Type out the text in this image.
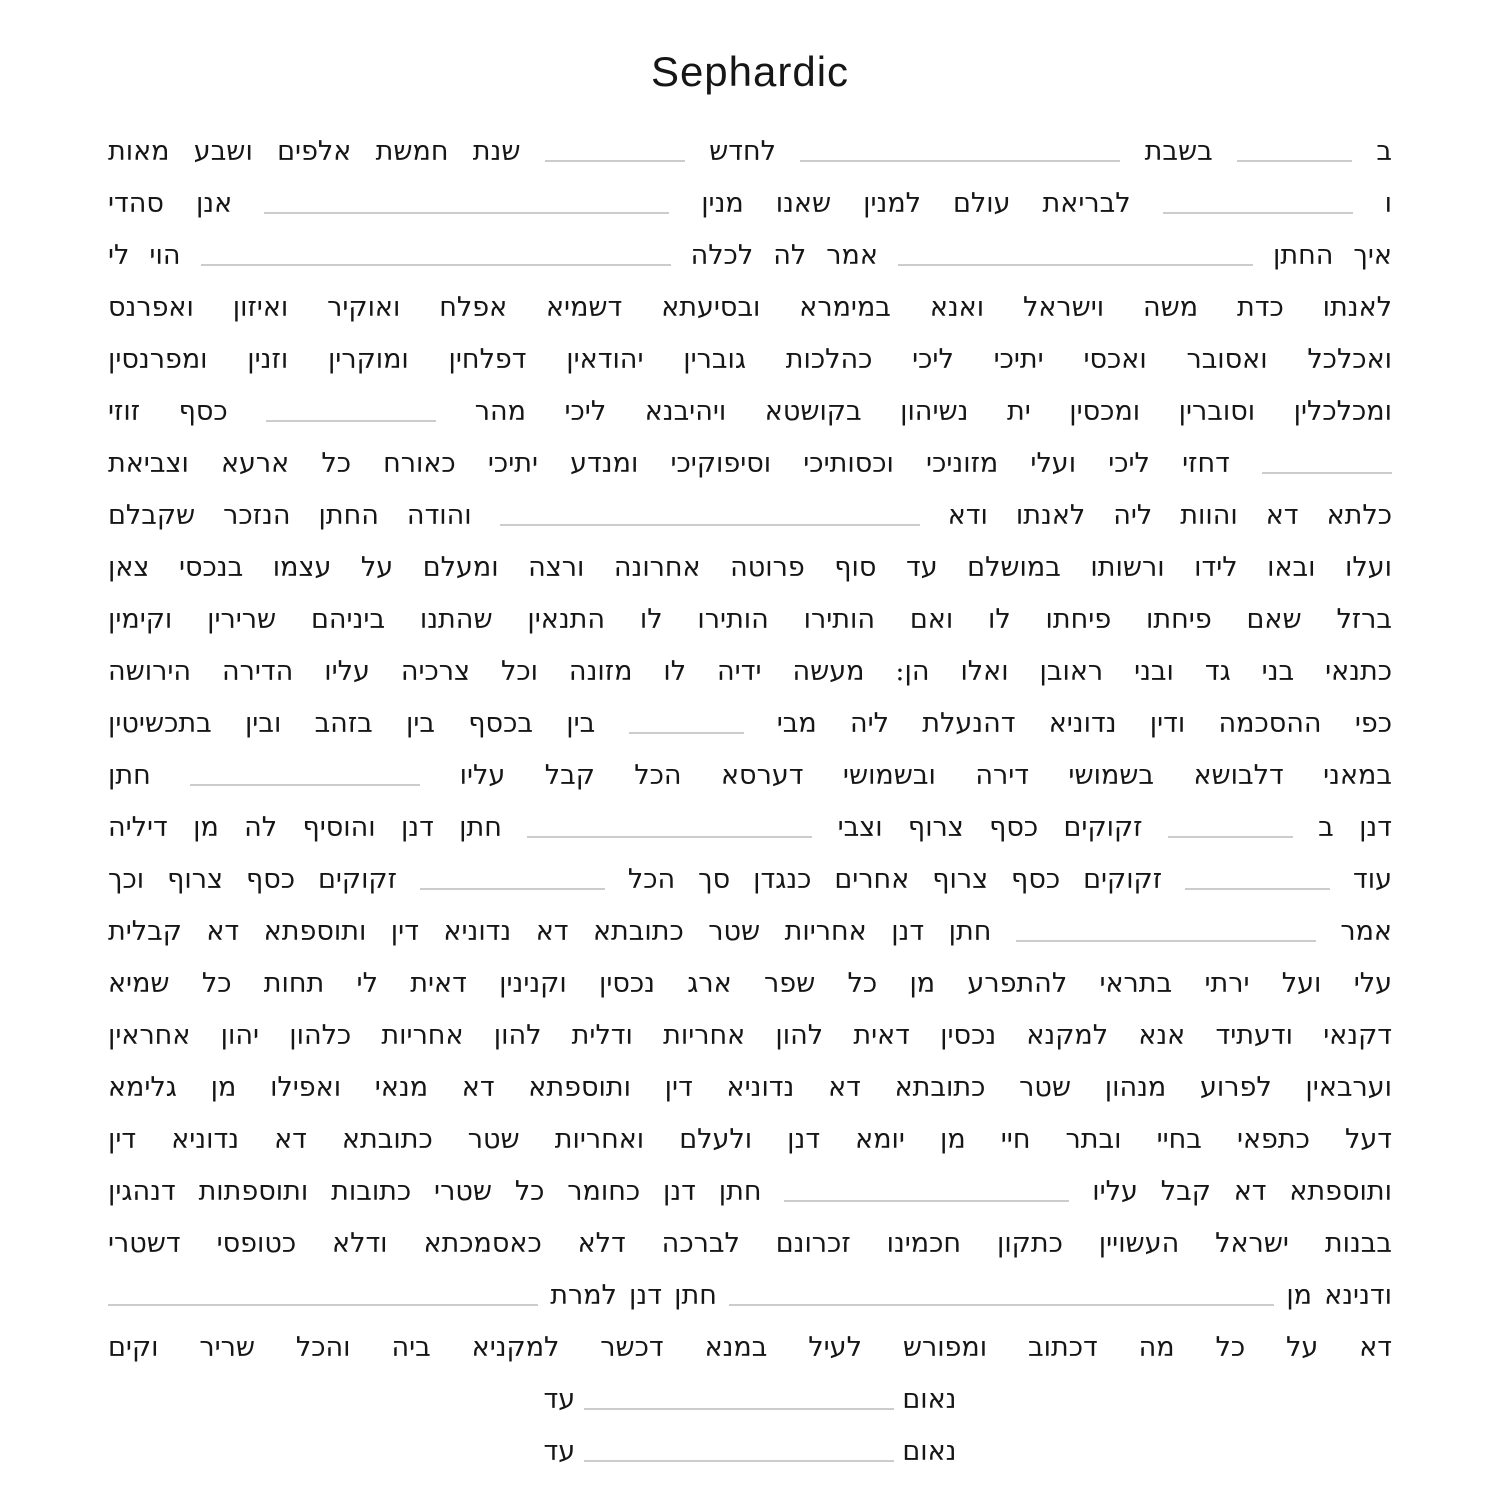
Sephardic
ב  בשבת  לחדש  שנת חמשת אלפים ושבע מאות
ו  לבריאת עולם למנין שאנו מנין  אנן סהדי
איך החתן  אמר לה לכלה  הוי לי
לאנתו כדת משה וישראל ואנא במימרא ובסיעתא דשמיא אפלח ואוקיר ואיזון ואפרנס
ואכלכל ואסובר ואכסי יתיכי ליכי כהלכות גוברין יהודאין דפלחין ומוקרין וזנין ומפרנסין
ומכלכלין וסוברין ומכסין ית נשיהון בקושטא ויהיבנא ליכי מהר  כסף זוזי
דחזי ליכי ועלי מזוניכי וכסותיכי וסיפוקיכי ומנדע יתיכי כאורח כל ארעא וצביאת
כלתא דא והוות ליה לאנתו ודא  והודה החתן הנזכר שקבלם
ועלו ובאו לידו ורשותו במושלם עד סוף פרוטה אחרונה ורצה ומעלם על עצמו בנכסי צאן
ברזל שאם פיחתו פיחתו לו ואם הותירו הותירו לו התנאין שהתנו ביניהם שרירין וקימין
כתנאי בני גד ובני ראובן ואלו הן: מעשה ידיה לו מזונה וכל צרכיה עליו הדירה הירושה
כפי ההסכמה ודין נדוניא דהנעלת ליה מבי  בין בכסף בין בזהב ובין בתכשיטין
במאני דלבושא בשמושי דירה ובשמושי דערסא הכל קבל עליו  חתן
דנן ב  זקוקים כסף צרוף וצבי  חתן דנן והוסיף לה מן דיליה
עוד  זקוקים כסף צרוף אחרים כנגדן סך הכל  זקוקים כסף צרוף וכך
אמר  חתן דנן אחריות שטר כתובתא דא נדוניא דין ותוספתא דא קבלית
עלי ועל ירתי בתראי להתפרע מן כל שפר ארג נכסין וקנינין דאית לי תחות כל שמיא
דקנאי ודעתיד אנא למקנא נכסין דאית להון אחריות ודלית להון אחריות כלהון יהון אחראין
וערבאין לפרוע מנהון שטר כתובתא דא נדוניא דין ותוספתא דא מנאי ואפילו מן גלימא
דעל כתפאי בחיי ובתר חיי מן יומא דנן ולעלם ואחריות שטר כתובתא דא נדוניא דין
ותוספתא דא קבל עליו  חתן דנן כחומר כל שטרי כתובות ותוספתות דנהגין
בבנות ישראל העשויין כתקון חכמינו זכרונם לברכה דלא כאסמכתא ודלא כטופסי דשטרי
ודנינא מן  חתן דנן למרת
דא על כל מה דכתוב ומפורש לעיל במנא דכשר למקניא ביה והכל שריר וקים
נאום  עד
נאום  עד
